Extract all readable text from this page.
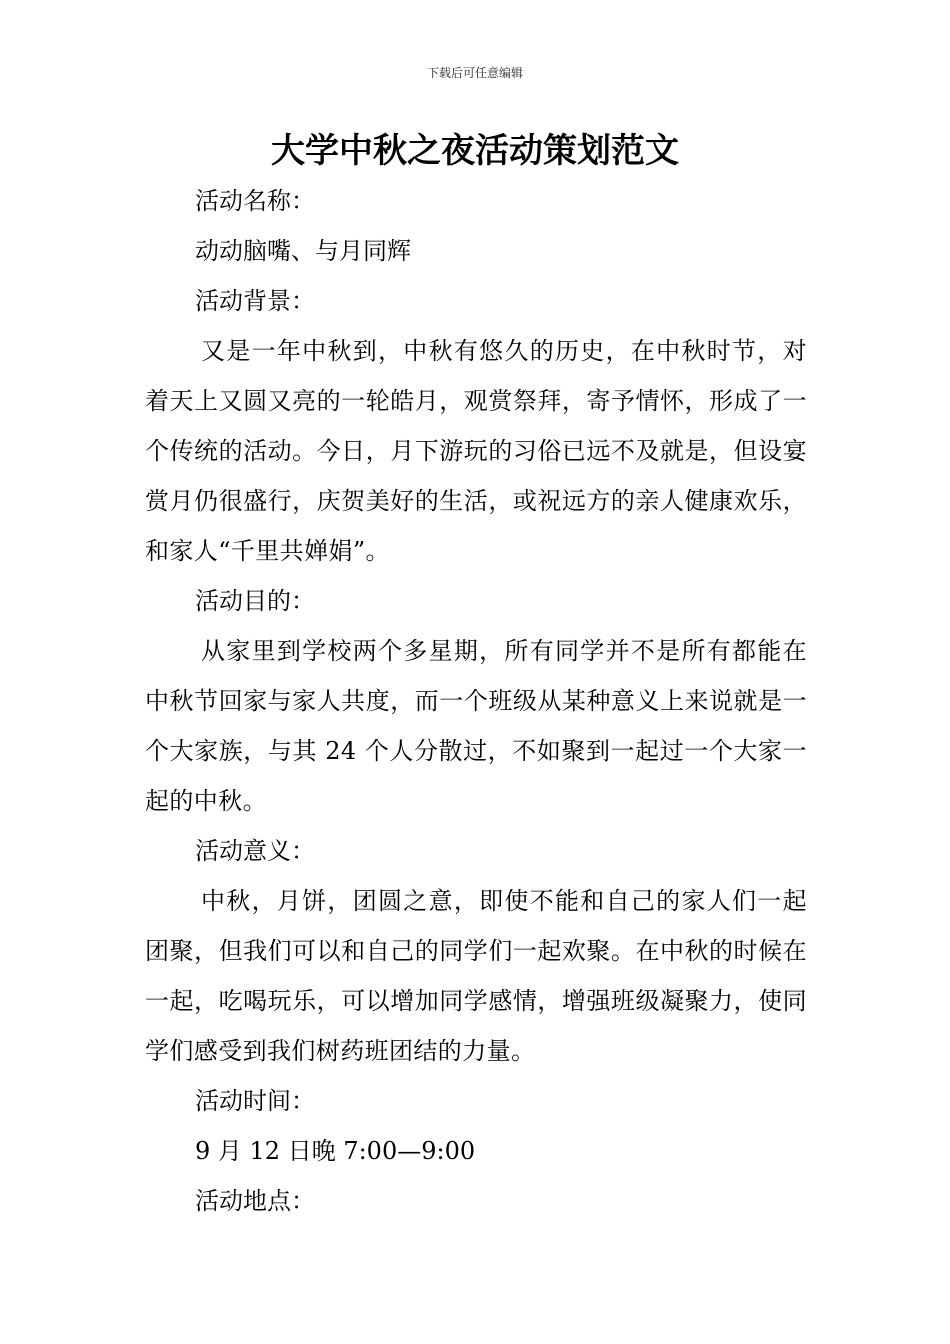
下载后可任意编辑
大学中秋之夜活动策划范文

活动名称：

动动脑嘴、与月同辉

活动背景：

又是一年中秋到，中秋有悠久的历史，在中秋时节，对着天上又圆又亮的一轮皓月，观赏祭拜，寄予情怀，形成了一个传统的活动。今日，月下游玩的习俗已远不及就是，但设宴赏月仍很盛行，庆贺美好的生活，或祝远方的亲人健康欢乐，和家人“千里共婵娟”。

活动目的：

从家里到学校两个多星期，所有同学并不是所有都能在中秋节回家与家人共度，而一个班级从某种意义上来说就是一个大家族，与其 24 个人分散过，不如聚到一起过一个大家一起的中秋。

活动意义：

中秋，月饼，团圆之意，即使不能和自己的家人们一起团聚，但我们可以和自己的同学们一起欢聚。在中秋的时候在一起，吃喝玩乐，可以增加同学感情，增强班级凝聚力，使同学们感受到我们树药班团结的力量。

活动时间：

9 月 12 日晚 7:00—9:00

活动地点：
